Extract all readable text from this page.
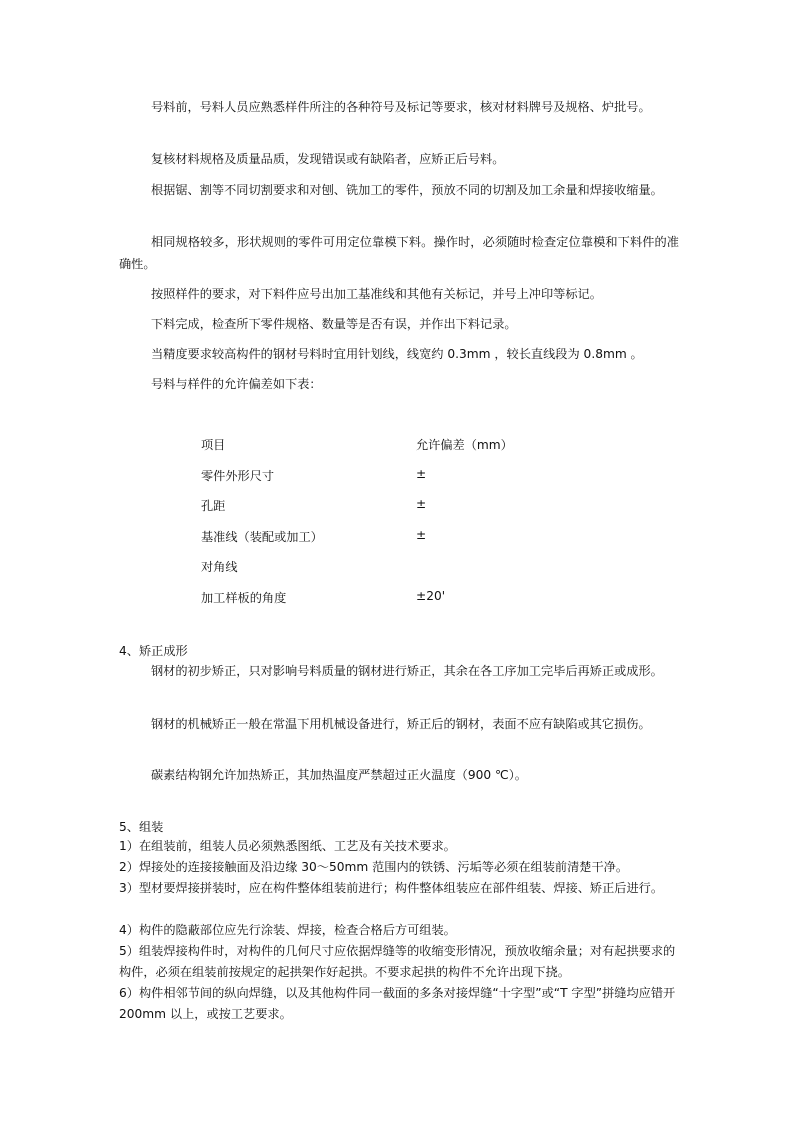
号料前，号料人员应熟悉样件所注的各种符号及标记等要求，核对材料牌号及规格、炉批号。

复核材料规格及质量品质，发现错误或有缺陷者，应矫正后号料。

根据锯、割等不同切割要求和对刨、铣加工的零件，预放不同的切割及加工余量和焊接收缩量。

相同规格较多，形状规则的零件可用定位靠模下料。操作时，必须随时检查定位靠模和下料件的准确性。

按照样件的要求，对下料件应号出加工基准线和其他有关标记，并号上冲印等标记。

下料完成，检查所下零件规格、数量等是否有误，并作出下料记录。

当精度要求较高构件的钢材号料时宜用针划线，线宽约 0.3mm ，较长直线段为 0.8mm 。

号料与样件的允许偏差如下表：

项目	允许偏差（mm）
零件外形尺寸	±
孔距	±
基准线（装配或加工）	±
对角线
加工样板的角度	±20'

4、矫正成形

钢材的初步矫正，只对影响号料质量的钢材进行矫正，其余在各工序加工完毕后再矫正或成形。

钢材的机械矫正一般在常温下用机械设备进行，矫正后的钢材，表面不应有缺陷或其它损伤。

碳素结构钢允许加热矫正，其加热温度严禁超过正火温度（900 ℃）。

5、组装

1）在组装前，组装人员必须熟悉图纸、工艺及有关技术要求。

2）焊接处的连接接触面及沿边缘 30～50mm 范围内的铁锈、污垢等必须在组装前清楚干净。

3）型材要焊接拼装时，应在构件整体组装前进行；构件整体组装应在部件组装、焊接、矫正后进行。

4）构件的隐蔽部位应先行涂装、焊接，检查合格后方可组装。

5）组装焊接构件时，对构件的几何尺寸应依据焊缝等的收缩变形情况，预放收缩余量；对有起拱要求的构件，必须在组装前按规定的起拱架作好起拱。不要求起拱的构件不允许出现下挠。

6）构件相邻节间的纵向焊缝，以及其他构件同一截面的多条对接焊缝“十字型”或“T 字型”拼缝均应错开 200mm 以上，或按工艺要求。
